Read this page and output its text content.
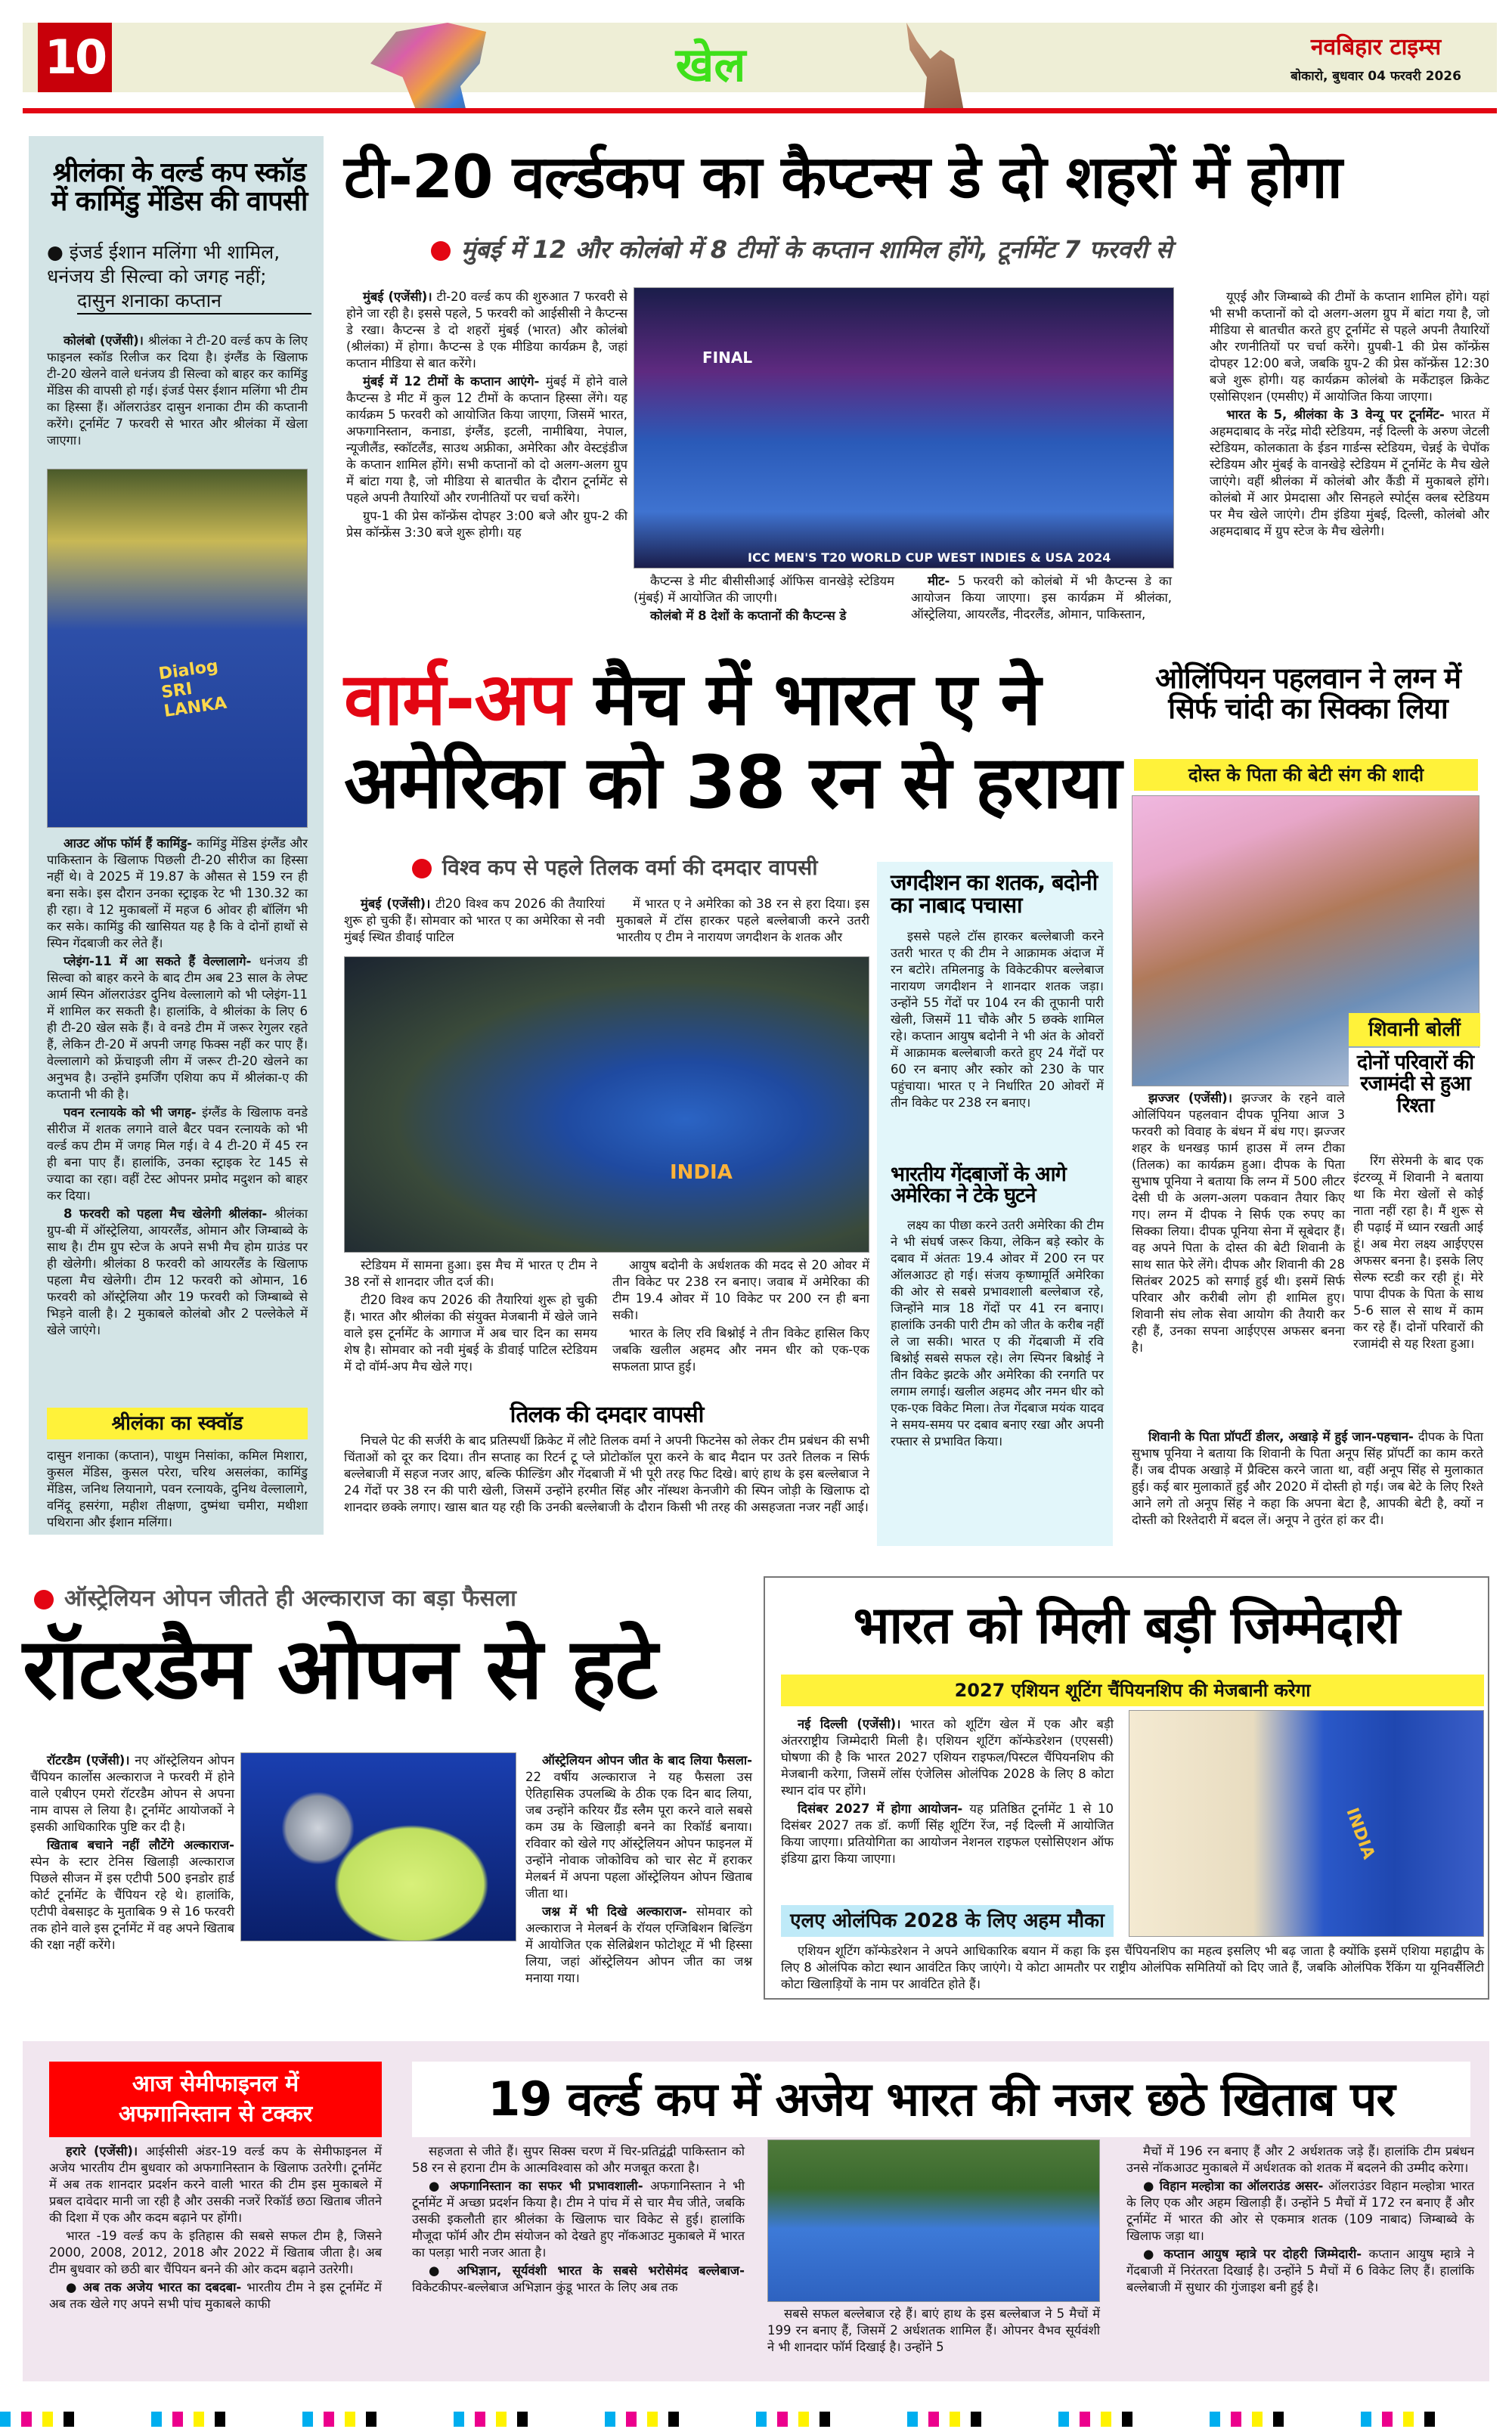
10	खेल	नवबिहार टाइम्स
बोकारो, बुधवार 04 फरवरी 2026
श्रीलंका के वर्ल्ड कप स्कॉड में कामिंडु मेंडिस की वापसी
● इंजर्ड ईशान मलिंगा भी शामिल, धनंजय डी सिल्वा को जगह नहीं;
दासुन शनाका कप्तान

कोलंबो (एजेंसी)। श्रीलंका ने टी-20 वर्ल्ड कप के लिए फाइनल स्कॉड रिलीज कर दिया है। इंग्लैंड के खिलाफ टी-20 खेलने वाले धनंजय डी सिल्वा को बाहर कर कामिंडु मेंडिस की वापसी हो गई। इंजर्ड पेसर ईशान मलिंगा भी टीम का हिस्सा हैं। ऑलराउंडर दासुन शनाका टीम की कप्तानी करेंगे। टूर्नामेंट 7 फरवरी से भारत और श्रीलंका में खेला जाएगा।

Dialog SRI LANKA

आउट ऑफ फॉर्म हैं कामिंडु- कामिंडु मेंडिस इंग्लैंड और पाकिस्तान के खिलाफ पिछली टी-20 सीरीज का हिस्सा नहीं थे। वे 2025 में 19.87 के औसत से 159 रन ही बना सके। इस दौरान उनका स्ट्राइक रेट भी 130.32 का ही रहा। वे 12 मुकाबलों में महज 6 ओवर ही बॉलिंग भी कर सके। कामिंडु की खासियत यह है कि वे दोनों हाथों से स्पिन गेंदबाजी कर लेते हैं।

प्लेइंग-11 में आ सकते हैं वेल्लालागे- धनंजय डी सिल्वा को बाहर करने के बाद टीम अब 23 साल के लेफ्ट आर्म स्पिन ऑलराउंडर दुनिथ वेल्लालागे को भी प्लेइंग-11 में शामिल कर सकती है। हालांकि, वे श्रीलंका के लिए 6 ही टी-20 खेल सके हैं। वे वनडे टीम में जरूर रेगुलर रहते हैं, लेकिन टी-20 में अपनी जगह फिक्स नहीं कर पाए हैं। वेल्लालागे को फ्रेंचाइजी लीग में जरूर टी-20 खेलने का अनुभव है। उन्होंने इमर्जिंग एशिया कप में श्रीलंका-ए की कप्तानी भी की है।

पवन रत्नायके को भी जगह- इंग्लैंड के खिलाफ वनडे सीरीज में शतक लगाने वाले बैटर पवन रत्नायके को भी वर्ल्ड कप टीम में जगह मिल गई। वे 4 टी-20 में 45 रन ही बना पाए हैं। हालांकि, उनका स्ट्राइक रेट 145 से ज्यादा का रहा। वहीं टेस्ट ओपनर प्रमोद मदुशन को बाहर कर दिया।

8 फरवरी को पहला मैच खेलेगी श्रीलंका- श्रीलंका ग्रुप-बी में ऑस्ट्रेलिया, आयरलैंड, ओमान और जिम्बाब्वे के साथ है। टीम ग्रुप स्टेज के अपने सभी मैच होम ग्राउंड पर ही खेलेगी। श्रीलंका 8 फरवरी को आयरलैंड के खिलाफ पहला मैच खेलेगी। टीम 12 फरवरी को ओमान, 16 फरवरी को ऑस्ट्रेलिया और 19 फरवरी को जिम्बाब्वे से भिड़ने वाली है। 2 मुकाबले कोलंबो और 2 पल्लेकेले में खेले जाएंगे।

श्रीलंका का स्क्वॉड
दासुन शनाका (कप्तान), पाथुम निसांका, कमिल मिशारा, कुसल मेंडिस, कुसल परेरा, चरिथ असलंका, कामिंडु मेंडिस, जनिथ लियानागे, पवन रत्नायके, दुनिथ वेल्लालागे, वनिंदू हसरंगा, महीश तीक्षणा, दुष्मंथा चमीरा, मथीशा पथिराना और ईशान मलिंगा।
टी-20 वर्ल्डकप का कैप्टन्स डे दो शहरों में होगा
मुंबई में 12 और कोलंबो में 8 टीमों के कप्तान शामिल होंगे, टूर्नामेंट 7 फरवरी से

मुंबई (एजेंसी)। टी-20 वर्ल्ड कप की शुरुआत 7 फरवरी से होने जा रही है। इससे पहले, 5 फरवरी को आईसीसी ने कैप्टन्स डे रखा। कैप्टन्स डे दो शहरों मुंबई (भारत) और कोलंबो (श्रीलंका) में होगा। कैप्टन्स डे एक मीडिया कार्यक्रम है, जहां कप्तान मीडिया से बात करेंगे।

मुंबई में 12 टीमों के कप्तान आएंगे- मुंबई में होने वाले कैप्टन्स डे मीट में कुल 12 टीमों के कप्तान हिस्सा लेंगे। यह कार्यक्रम 5 फरवरी को आयोजित किया जाएगा, जिसमें भारत, अफगानिस्तान, कनाडा, इंग्लैंड, इटली, नामीबिया, नेपाल, न्यूजीलैंड, स्कॉटलैंड, साउथ अफ्रीका, अमेरिका और वेस्टइंडीज के कप्तान शामिल होंगे। सभी कप्तानों को दो अलग-अलग ग्रुप में बांटा गया है, जो मीडिया से बातचीत के दौरान टूर्नामेंट से पहले अपनी तैयारियों और रणनीतियों पर चर्चा करेंगे।

ग्रुप-1 की प्रेस कॉन्फ्रेंस दोपहर 3:00 बजे और ग्रुप-2 की प्रेस कॉन्फ्रेंस 3:30 बजे शुरू होगी। यह

FINAL
ICC MEN'S T20 WORLD CUP WEST INDIES & USA 2024

कैप्टन्स डे मीट बीसीसीआई ऑफिस वानखेड़े स्टेडियम (मुंबई) में आयोजित की जाएगी।

कोलंबो में 8 देशों के कप्तानों की कैप्टन्स डे

मीट- 5 फरवरी को कोलंबो में भी कैप्टन्स डे का आयोजन किया जाएगा। इस कार्यक्रम में श्रीलंका, ऑस्ट्रेलिया, आयरलैंड, नीदरलैंड, ओमान, पाकिस्तान,

यूएई और जिम्बाब्वे की टीमों के कप्तान शामिल होंगे। यहां भी सभी कप्तानों को दो अलग-अलग ग्रुप में बांटा गया है, जो मीडिया से बातचीत करते हुए टूर्नामेंट से पहले अपनी तैयारियों और रणनीतियों पर चर्चा करेंगे। ग्रुपबी-1 की प्रेस कॉन्फ्रेंस दोपहर 12:00 बजे, जबकि ग्रुप-2 की प्रेस कॉन्फ्रेंस 12:30 बजे शुरू होगी। यह कार्यक्रम कोलंबो के मर्केंटाइल क्रिकेट एसोसिएशन (एमसीए) में आयोजित किया जाएगा।

भारत के 5, श्रीलंका के 3 वेन्यू पर टूर्नामेंट- भारत में अहमदाबाद के नरेंद्र मोदी स्टेडियम, नई दिल्ली के अरुण जेटली स्टेडियम, कोलकाता के ईडन गार्डन्स स्टेडियम, चेन्नई के चेपॉक स्टेडियम और मुंबई के वानखेड़े स्टेडियम में टूर्नामेंट के मैच खेले जाएंगे। वहीं श्रीलंका में कोलंबो और कैंडी में मुकाबले होंगे। कोलंबो में आर प्रेमदासा और सिनहले स्पोर्ट्स क्लब स्टेडियम पर मैच खेले जाएंगे। टीम इंडिया मुंबई, दिल्ली, कोलंबो और अहमदाबाद में ग्रुप स्टेज के मैच खेलेगी।

वार्म-अप मैच में भारत ए ने
अमेरिका को 38 रन से हराया
विश्व कप से पहले तिलक वर्मा की दमदार वापसी

मुंबई (एजेंसी)। टी20 विश्व कप 2026 की तैयारियां शुरू हो चुकी हैं। सोमवार को भारत ए का अमेरिका से नवी मुंबई स्थित डीवाई पाटिल

में भारत ए ने अमेरिका को 38 रन से हरा दिया। इस मुकाबले में टॉस हारकर पहले बल्लेबाजी करने उतरी भारतीय ए टीम ने नारायण जगदीशन के शतक और

INDIA

स्टेडियम में सामना हुआ। इस मैच में भारत ए टीम ने 38 रनों से शानदार जीत दर्ज की।

टी20 विश्व कप 2026 की तैयारियां शुरू हो चुकी हैं। भारत और श्रीलंका की संयुक्त मेजबानी में खेले जाने वाले इस टूर्नामेंट के आगाज में अब चार दिन का समय शेष है। सोमवार को नवी मुंबई के डीवाई पाटिल स्टेडियम में दो वॉर्म-अप मैच खेले गए।

आयुष बदोनी के अर्धशतक की मदद से 20 ओवर में तीन विकेट पर 238 रन बनाए। जवाब में अमेरिका की टीम 19.4 ओवर में 10 विकेट पर 200 रन ही बना सकी।

भारत के लिए रवि बिश्नोई ने तीन विकेट हासिल किए जबकि खलील अहमद और नमन धीर को एक-एक सफलता प्राप्त हुई।

तिलक की दमदार वापसी

निचले पेट की सर्जरी के बाद प्रतिस्पर्धी क्रिकेट में लौटे तिलक वर्मा ने अपनी फिटनेस को लेकर टीम प्रबंधन की सभी चिंताओं को दूर कर दिया। तीन सप्ताह का रिटर्न टू प्ले प्रोटोकॉल पूरा करने के बाद मैदान पर उतरे तिलक न सिर्फ बल्लेबाजी में सहज नजर आए, बल्कि फील्डिंग और गेंदबाजी में भी पूरी तरह फिट दिखे। बाएं हाथ के इस बल्लेबाज ने 24 गेंदों पर 38 रन की पारी खेली, जिसमें उन्होंने हरमीत सिंह और नॉस्थश केनजीगे की स्पिन जोड़ी के खिलाफ दो शानदार छक्के लगाए। खास बात यह रही कि उनकी बल्लेबाजी के दौरान किसी भी तरह की असहजता नजर नहीं आई।

जगदीशन का शतक, बदोनी का नाबाद पचासा

इससे पहले टॉस हारकर बल्लेबाजी करने उतरी भारत ए की टीम ने आक्रामक अंदाज में रन बटोरे। तमिलनाडु के विकेटकीपर बल्लेबाज नारायण जगदीशन ने शानदार शतक जड़ा। उन्होंने 55 गेंदों पर 104 रन की तूफानी पारी खेली, जिसमें 11 चौके और 5 छक्के शामिल रहे। कप्तान आयुष बदोनी ने भी अंत के ओवरों में आक्रामक बल्लेबाजी करते हुए 24 गेंदों पर 60 रन बनाए और स्कोर को 230 के पार पहुंचाया। भारत ए ने निर्धारित 20 ओवरों में तीन विकेट पर 238 रन बनाए।

भारतीय गेंदबाजों के आगे अमेरिका ने टेके घुटने

लक्ष्य का पीछा करने उतरी अमेरिका की टीम ने भी संघर्ष जरूर किया, लेकिन बड़े स्कोर के दबाव में अंततः 19.4 ओवर में 200 रन पर ऑलआउट हो गई। संजय कृष्णामूर्ति अमेरिका की ओर से सबसे प्रभावशाली बल्लेबाज रहे, जिन्होंने मात्र 18 गेंदों पर 41 रन बनाए। हालांकि उनकी पारी टीम को जीत के करीब नहीं ले जा सकी। भारत ए की गेंदबाजी में रवि बिश्नोई सबसे सफल रहे। लेग स्पिनर बिश्नोई ने तीन विकेट झटके और अमेरिका की रनगति पर लगाम लगाई। खलील अहमद और नमन धीर को एक-एक विकेट मिला। तेज गेंदबाज मयंक यादव ने समय-समय पर दबाव बनाए रखा और अपनी रफ्तार से प्रभावित किया।

ओलिंपियन पहलवान ने लग्न में सिर्फ चांदी का सिक्का लिया
दोस्त के पिता की बेटी संग की शादी
शिवानी बोलीं
दोनों परिवारों की रजामंदी से हुआ रिश्ता

झज्जर (एजेंसी)। झज्जर के रहने वाले ओलिंपियन पहलवान दीपक पूनिया आज 3 फरवरी को विवाह के बंधन में बंध गए। झज्जर शहर के धनखड़ फार्म हाउस में लग्न टीका (तिलक) का कार्यक्रम हुआ। दीपक के पिता सुभाष पूनिया ने बताया कि लग्न में 500 लीटर देसी घी के अलग-अलग पकवान तैयार किए गए। लग्न में दीपक ने सिर्फ एक रुपए का सिक्का लिया। दीपक पूनिया सेना में सूबेदार हैं। वह अपने पिता के दोस्त की बेटी शिवानी के साथ सात फेरे लेंगे। दीपक और शिवानी की 28 सितंबर 2025 को सगाई हुई थी। इसमें सिर्फ परिवार और करीबी लोग ही शामिल हुए। शिवानी संघ लोक सेवा आयोग की तैयारी कर रही हैं, उनका सपना आईएएस अफसर बनना है।

रिंग सेरेमनी के बाद एक इंटरव्यू में शिवानी ने बताया था कि मेरा खेलों से कोई नाता नहीं रहा है। मैं शुरू से ही पढ़ाई में ध्यान रखती आई हूं। अब मेरा लक्ष्य आईएएस अफसर बनना है। इसके लिए सेल्फ स्टडी कर रही हूं। मेरे पापा दीपक के पिता के साथ 5-6 साल से साथ में काम कर रहे हैं। दोनों परिवारों की रजामंदी से यह रिश्ता हुआ।

शिवानी के पिता प्रॉपर्टी डीलर, अखाड़े में हुई जान-पहचान- दीपक के पिता सुभाष पूनिया ने बताया कि शिवानी के पिता अनूप सिंह प्रॉपर्टी का काम करते हैं। जब दीपक अखाड़े में प्रैक्टिस करने जाता था, वहीं अनूप सिंह से मुलाकात हुई। कई बार मुलाकातें हुईं और 2020 में दोस्ती हो गई। जब बेटे के लिए रिश्ते आने लगे तो अनूप सिंह ने कहा कि अपना बेटा है, आपकी बेटी है, क्यों न दोस्ती को रिश्तेदारी में बदल लें। अनूप ने तुरंत हां कर दी।

ऑस्ट्रेलियन ओपन जीतते ही अल्काराज का बड़ा फैसला
रॉटरडैम ओपन से हटे

रॉटरडैम (एजेंसी)। नए ऑस्ट्रेलियन ओपन चैंपियन कार्लोस अल्काराज ने फरवरी में होने वाले एबीएन एमरो रॉटरडैम ओपन से अपना नाम वापस ले लिया है। टूर्नामेंट आयोजकों ने इसकी आधिकारिक पुष्टि कर दी है।

खिताब बचाने नहीं लौटेंगे अल्काराज- स्पेन के स्टार टेनिस खिलाड़ी अल्काराज पिछले सीजन में इस एटीपी 500 इनडोर हार्ड कोर्ट टूर्नामेंट के चैंपियन रहे थे। हालांकि, एटीपी वेबसाइट के मुताबिक 9 से 16 फरवरी तक होने वाले इस टूर्नामेंट में वह अपने खिताब की रक्षा नहीं करेंगे।

ऑस्ट्रेलियन ओपन जीत के बाद लिया फैसला- 22 वर्षीय अल्काराज ने यह फैसला उस ऐतिहासिक उपलब्धि के ठीक एक दिन बाद लिया, जब उन्होंने करियर ग्रैंड स्लैम पूरा करने वाले सबसे कम उम्र के खिलाड़ी बनने का रिकॉर्ड बनाया। रविवार को खेले गए ऑस्ट्रेलियन ओपन फाइनल में उन्होंने नोवाक जोकोविच को चार सेट में हराकर मेलबर्न में अपना पहला ऑस्ट्रेलियन ओपन खिताब जीता था।

जश्न में भी दिखे अल्काराज- सोमवार को अल्काराज ने मेलबर्न के रॉयल एग्जिबिशन बिल्डिंग में आयोजित एक सेलिब्रेशन फोटोशूट में भी हिस्सा लिया, जहां ऑस्ट्रेलियन ओपन जीत का जश्न मनाया गया।

भारत को मिली बड़ी जिम्मेदारी
2027 एशियन शूटिंग चैंपियनशिप की मेजबानी करेगा

नई दिल्ली (एजेंसी)। भारत को शूटिंग खेल में एक और बड़ी अंतरराष्ट्रीय जिम्मेदारी मिली है। एशियन शूटिंग कॉन्फेडरेशन (एएससी) घोषणा की है कि भारत 2027 एशियन राइफल/पिस्टल चैंपियनशिप की मेजबानी करेगा, जिसमें लॉस एंजेलिस ओलंपिक 2028 के लिए 8 कोटा स्थान दांव पर होंगे।

दिसंबर 2027 में होगा आयोजन- यह प्रतिष्ठित टूर्नामेंट 1 से 10 दिसंबर 2027 तक डॉ. कर्णी सिंह शूटिंग रेंज, नई दिल्ली में आयोजित किया जाएगा। प्रतियोगिता का आयोजन नेशनल राइफल एसोसिएशन ऑफ इंडिया द्वारा किया जाएगा।

एलए ओलंपिक 2028 के लिए अहम मौका
INDIA

एशियन शूटिंग कॉन्फेडरेशन ने अपने आधिकारिक बयान में कहा कि इस चैंपियनशिप का महत्व इसलिए भी बढ़ जाता है क्योंकि इसमें एशिया महाद्वीप के लिए 8 ओलंपिक कोटा स्थान आवंटित किए जाएंगे। ये कोटा आमतौर पर राष्ट्रीय ओलंपिक समितियों को दिए जाते हैं, जबकि ओलंपिक रैंकिंग या यूनिवर्सैलिटी कोटा खिलाड़ियों के नाम पर आवंटित होते हैं।

आज सेमीफाइनल में अफगानिस्तान से टक्कर	19 वर्ल्ड कप में अजेय भारत की नजर छठे खिताब पर

हरारे (एजेंसी)। आईसीसी अंडर-19 वर्ल्ड कप के सेमीफाइनल में अजेय भारतीय टीम बुधवार को अफगानिस्तान के खिलाफ उतरेगी। टूर्नामेंट में अब तक शानदार प्रदर्शन करने वाली भारत की टीम इस मुकाबले में प्रबल दावेदार मानी जा रही है और उसकी नजरें रिकॉर्ड छठा खिताब जीतने की दिशा में एक और कदम बढ़ाने पर होंगी।

भारत -19 वर्ल्ड कप के इतिहास की सबसे सफल टीम है, जिसने 2000, 2008, 2012, 2018 और 2022 में खिताब जीता है। अब टीम बुधवार को छठी बार चैंपियन बनने की ओर कदम बढ़ाने उतरेगी।

● अब तक अजेय भारत का दबदबा- भारतीय टीम ने इस टूर्नामेंट में अब तक खेले गए अपने सभी पांच मुकाबले काफी

सहजता से जीते हैं। सुपर सिक्स चरण में चिर-प्रतिद्वंद्वी पाकिस्तान को 58 रन से हराना टीम के आत्मविश्वास को और मजबूत करता है।

● अफगानिस्तान का सफर भी प्रभावशाली- अफगानिस्तान ने भी टूर्नामेंट में अच्छा प्रदर्शन किया है। टीम ने पांच में से चार मैच जीते, जबकि उसकी इकलौती हार श्रीलंका के खिलाफ चार विकेट से हुई। हालांकि मौजूदा फॉर्म और टीम संयोजन को देखते हुए नॉकआउट मुकाबले में भारत का पलड़ा भारी नजर आता है।

● अभिज्ञान, सूर्यवंशी भारत के सबसे भरोसेमंद बल्लेबाज- विकेटकीपर-बल्लेबाज अभिज्ञान कुंडू भारत के लिए अब तक

सबसे सफल बल्लेबाज रहे हैं। बाएं हाथ के इस बल्लेबाज ने 5 मैचों में 199 रन बनाए हैं, जिसमें 2 अर्धशतक शामिल हैं। ओपनर वैभव सूर्यवंशी ने भी शानदार फॉर्म दिखाई है। उन्होंने 5

मैचों में 196 रन बनाए हैं और 2 अर्धशतक जड़े हैं। हालांकि टीम प्रबंधन उनसे नॉकआउट मुकाबले में अर्धशतक को शतक में बदलने की उम्मीद करेगा।

● विहान मल्होत्रा का ऑलराउंड असर- ऑलराउंडर विहान मल्होत्रा भारत के लिए एक और अहम खिलाड़ी हैं। उन्होंने 5 मैचों में 172 रन बनाए हैं और टूर्नामेंट में भारत की ओर से एकमात्र शतक (109 नाबाद) जिम्बाब्वे के खिलाफ जड़ा था।

● कप्तान आयुष म्हात्रे पर दोहरी जिम्मेदारी- कप्तान आयुष म्हात्रे ने गेंदबाजी में निरंतरता दिखाई है। उन्होंने 5 मैचों में 6 विकेट लिए हैं। हालांकि बल्लेबाजी में सुधार की गुंजाइश बनी हुई है।
